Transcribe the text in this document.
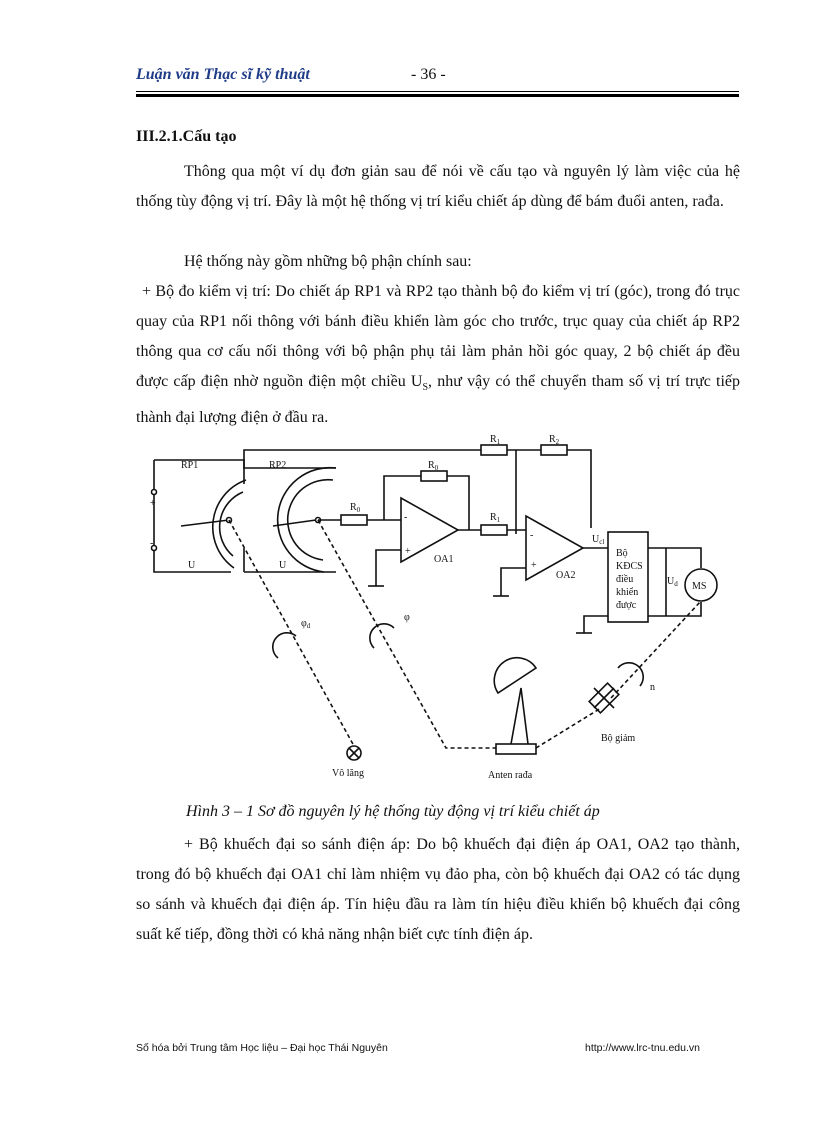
Luận văn Thạc sĩ kỹ thuật	- 36 -
III.2.1.Cấu tạo
Thông qua một ví dụ đơn giản sau để nói về cấu tạo và nguyên lý làm việc của hệ thống tùy động vị trí. Đây là một hệ thống vị trí kiểu chiết áp dùng để bám đuổi anten, rađa.
Hệ thống này gồm những bộ phận chính sau:
+ Bộ đo kiểm vị trí: Do chiết áp RP1 và RP2 tạo thành bộ đo kiểm vị trí (góc), trong đó trục quay của RP1 nối thông với bánh điều khiển làm góc cho trước, trục quay của chiết áp RP2 thông qua cơ cấu nối thông với bộ phận phụ tải làm phản hồi góc quay, 2 bộ chiết áp đều được cấp điện nhờ nguồn điện một chiều $U_S$, như vậy có thể chuyển tham số vị trí trực tiếp thành đại lượng điện ở đầu ra.
RP1	RP2
+
-
U	U
$R_1$	$R_2$
$R_0$
$R_0$
$R_1$
-
+
OA1
-
+
OA2
$U_{cl}$
Bộ
KĐCS
điều
khiển
được
$U_d$ MS
$\varphi_d$
φ
n
Bộ giảm
Vô lăng	Anten rađa
Hình 3 – 1 Sơ đồ nguyên lý hệ thống tùy động vị trí kiểu chiết áp
+ Bộ khuếch đại so sánh điện áp: Do bộ khuếch đại điện áp OA1, OA2 tạo thành, trong đó bộ khuếch đại OA1 chỉ làm nhiệm vụ đảo pha, còn bộ khuếch đại OA2 có tác dụng so sánh và khuếch đại điện áp. Tín hiệu đầu ra làm tín hiệu điều khiển bộ khuếch đại công suất kế tiếp, đồng thời có khả năng nhận biết cực tính điện áp.
Số hóa bởi Trung tâm Học liệu – Đại học Thái Nguyên	http://www.lrc-tnu.edu.vn
